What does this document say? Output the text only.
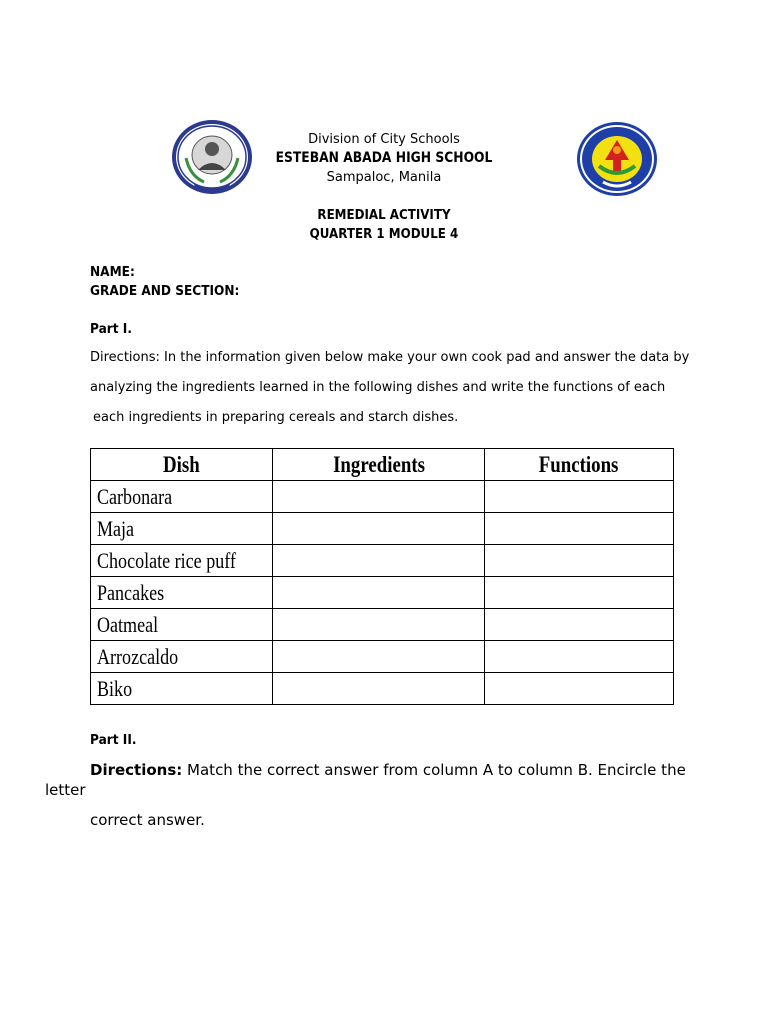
Division of City Schools
ESTEBAN ABADA HIGH SCHOOL
Sampaloc, Manila
REMEDIAL ACTIVITY
QUARTER 1 MODULE 4
NAME:
GRADE AND SECTION:
Part I.
Directions: In the information given below make your own cook pad and answer the data by
analyzing the ingredients learned in the following dishes and write the functions of each
each ingredients in preparing cereals and starch dishes.
Dish	Ingredients	Functions
Carbonara		
Maja		
Chocolate rice puff		
Pancakes		
Oatmeal		
Arrozcaldo		
Biko		
Part II.
Directions: Match the correct answer from column A to column B. Encircle the
letter
correct answer.
